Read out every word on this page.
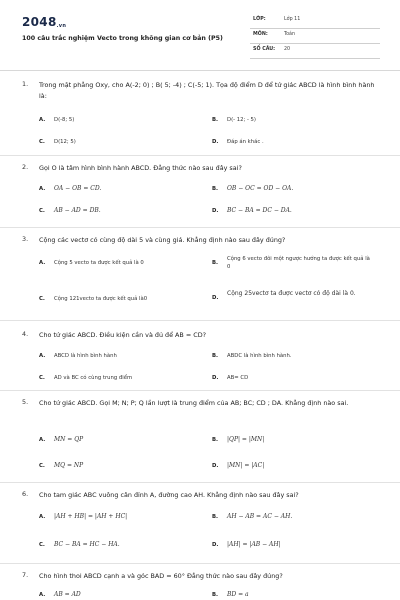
2048.vn
100 câu trắc nghiệm Vecto trong không gian cơ bản (P5)
LỚP:	Lớp 11
MÔN:	Toán
SỐ CÂU: 20
1. Trong mặt phẳng Oxy, cho A(-2; 0) ; B( 5; -4) ; C(-5; 1). Tọa độ điểm D để tứ giác ABCD là hình bình hành là:
A. D(-8; 5)	B. D(- 12; - 5)
C. D(12; 5)	D. Đáp án khác .
2. Gọi O là tâm hình bình hành ABCD. Đẳng thức nào sau đây sai?
A. OA − OB = CD.	B. OB − OC = OD − OA.
C. AB − AD = DB.	D. BC − BA = DC − DA.
3. Cộng các vectơ có cùng độ dài 5 và cùng giá. Khẳng định nào sau đây đúng?
A. Cộng 5 vecto ta được kết quả là 0	B.
Cộng 6 vecto đôi một ngược hướng ta được kết quả là 0
C. Cộng 121vecto ta được kết quả là0	D.
Cộng 25vectơ ta được vectơ có độ dài là 0.
4. Cho tứ giác ABCD. Điều kiện cần và đủ để AB = CD?
A. ABCD là hình bình hành	B. ABDC là hình bình hành.
C. AD và BC có cùng trung điểm	D. AB= CD
5. Cho tứ giác ABCD. Gọi M; N; P; Q lần lượt là trung điểm của AB; BC; CD ; DA. Khẳng định nào sai.
A. MN = QP	B. |QP| = |MN|
C. MQ = NP	D. |MN| = |AC|
6. Cho tam giác ABC vuông cân đỉnh A, đường cao AH. Khẳng định nào sau đây sai?
A. |AH + HB| = |AH + HC|	B. AH − AB = AC − AH.
C. BC − BA = HC − HA.	D. |AH| = |AB − AH|
7. Cho hình thoi ABCD cạnh a và góc BAD = 60° Đẳng thức nào sau đây đúng?
A. AB = AD	B. BD = a
